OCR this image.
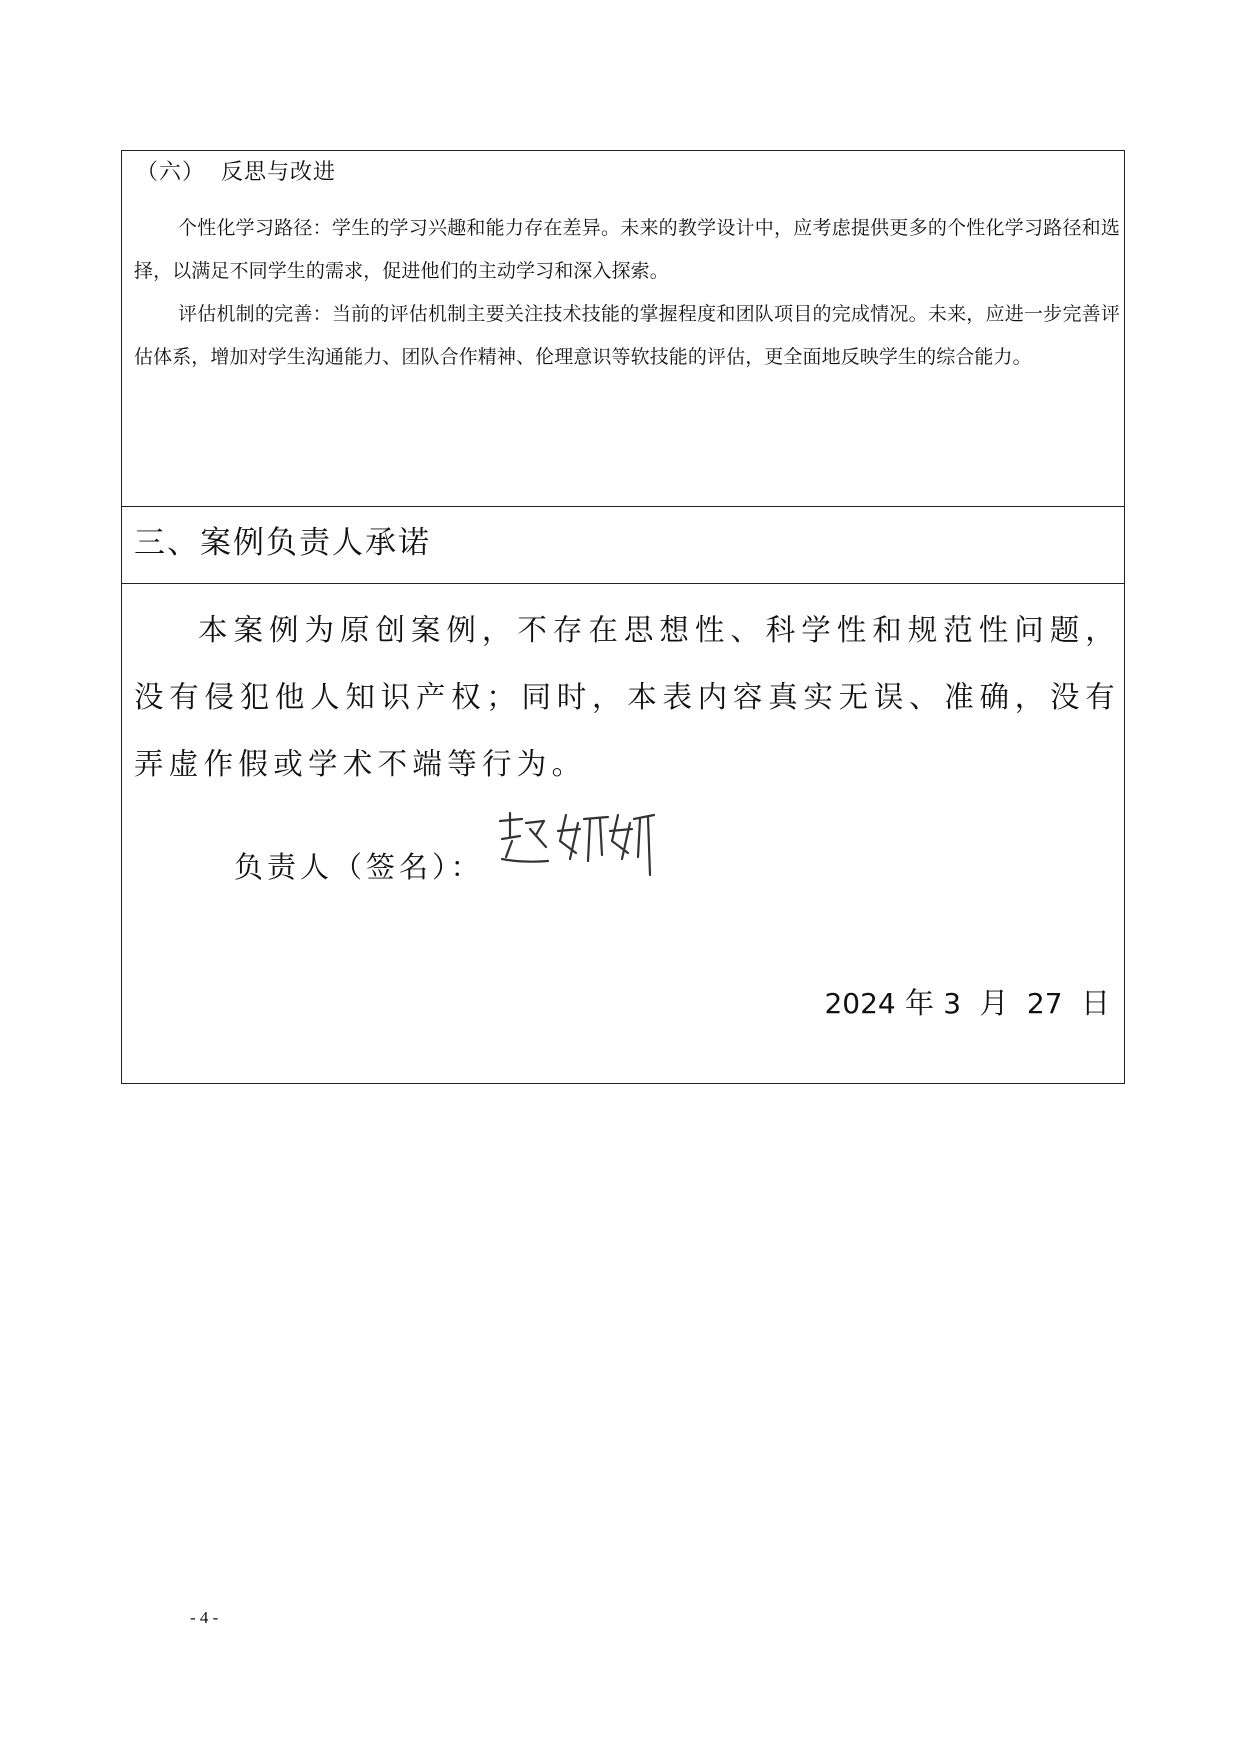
（六）  反思与改进
个性化学习路径：学生的学习兴趣和能力存在差异。未来的教学设计中，应考虑提供更多的个性化学习路径和选择，以满足不同学生的需求，促进他们的主动学习和深入探索。
评估机制的完善：当前的评估机制主要关注技术技能的掌握程度和团队项目的完成情况。未来，应进一步完善评估体系，增加对学生沟通能力、团队合作精神、伦理意识等软技能的评估，更全面地反映学生的综合能力。
三、案例负责人承诺
本案例为原创案例，不存在思想性、科学性和规范性问题，没有侵犯他人知识产权；同时，本表内容真实无误、准确，没有弄虚作假或学术不端等行为。
负责人（签名）：
2024 年 3 月 27 日
- 4 -
